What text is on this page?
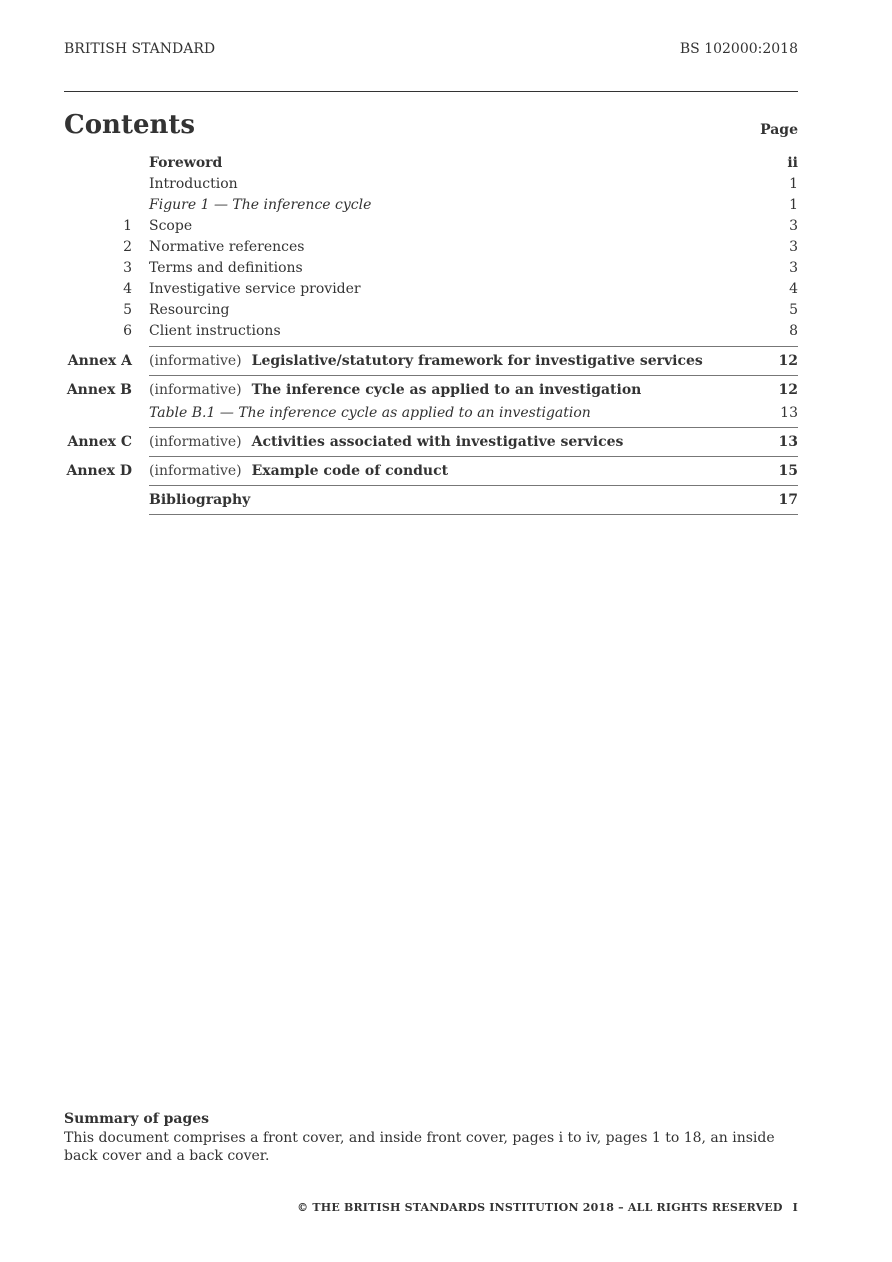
BRITISH STANDARD	BS 102000:2018
Contents	Page
Foreword	ii
Introduction	1
Figure 1 — The inference cycle	1
1 Scope	3
2 Normative references	3
3 Terms and definitions	3
4 Investigative service provider	4
5 Resourcing	5
6 Client instructions	8
Annex A (informative) Legislative/statutory framework for investigative services	12
Annex B (informative) The inference cycle as applied to an investigation	12
Table B.1 — The inference cycle as applied to an investigation	13
Annex C (informative) Activities associated with investigative services	13
Annex D (informative) Example code of conduct	15
Bibliography	17
Summary of pages
This document comprises a front cover, and inside front cover, pages i to iv, pages 1 to 18, an inside back cover and a back cover.
© THE BRITISH STANDARDS INSTITUTION 2018 – ALL RIGHTS RESERVED I
